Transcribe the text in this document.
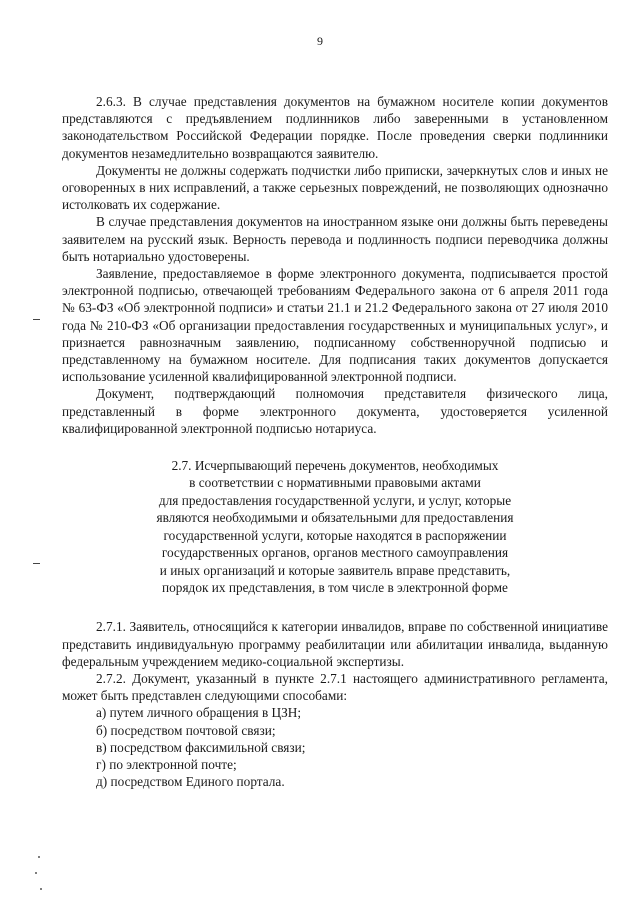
9

2.6.3. В случае представления документов на бумажном носителе копии документов представляются с предъявлением подлинников либо заверенными в установленном законодательством Российской Федерации порядке. После проведения сверки подлинники документов незамедлительно возвращаются заявителю.

Документы не должны содержать подчистки либо приписки, зачеркнутых слов и иных не оговоренных в них исправлений, а также серьезных повреждений, не позволяющих однозначно истолковать их содержание.

В случае представления документов на иностранном языке они должны быть переведены заявителем на русский язык. Верность перевода и подлинность подписи переводчика должны быть нотариально удостоверены.

Заявление, предоставляемое в форме электронного документа, подписывается простой электронной подписью, отвечающей требованиям Федерального закона от 6 апреля 2011 года № 63-ФЗ «Об электронной подписи» и статьи 21.1 и 21.2 Федерального закона от 27 июля 2010 года № 210-ФЗ «Об организации предоставления государственных и муниципальных услуг», и признается равнозначным заявлению, подписанному собственноручной подписью и представленному на бумажном носителе. Для подписания таких документов допускается использование усиленной квалифицированной электронной подписи.

Документ, подтверждающий полномочия представителя физического лица, представленный в форме электронного документа, удостоверяется усиленной квалифицированной электронной подписью нотариуса.

2.7. Исчерпывающий перечень документов, необходимых
в соответствии с нормативными правовыми актами
для предоставления государственной услуги, и услуг, которые
являются необходимыми и обязательными для предоставления
государственной услуги, которые находятся в распоряжении
государственных органов, органов местного самоуправления
и иных организаций и которые заявитель вправе представить,
порядок их представления, в том числе в электронной форме

2.7.1. Заявитель, относящийся к категории инвалидов, вправе по собственной инициативе представить индивидуальную программу реабилитации или абилитации инвалида, выданную федеральным учреждением медико-социальной экспертизы.

2.7.2. Документ, указанный в пункте 2.7.1 настоящего административного регламента, может быть представлен следующими способами:

а) путем личного обращения в ЦЗН;

б) посредством почтовой связи;

в) посредством факсимильной связи;

г) по электронной почте;

д) посредством Единого портала.
